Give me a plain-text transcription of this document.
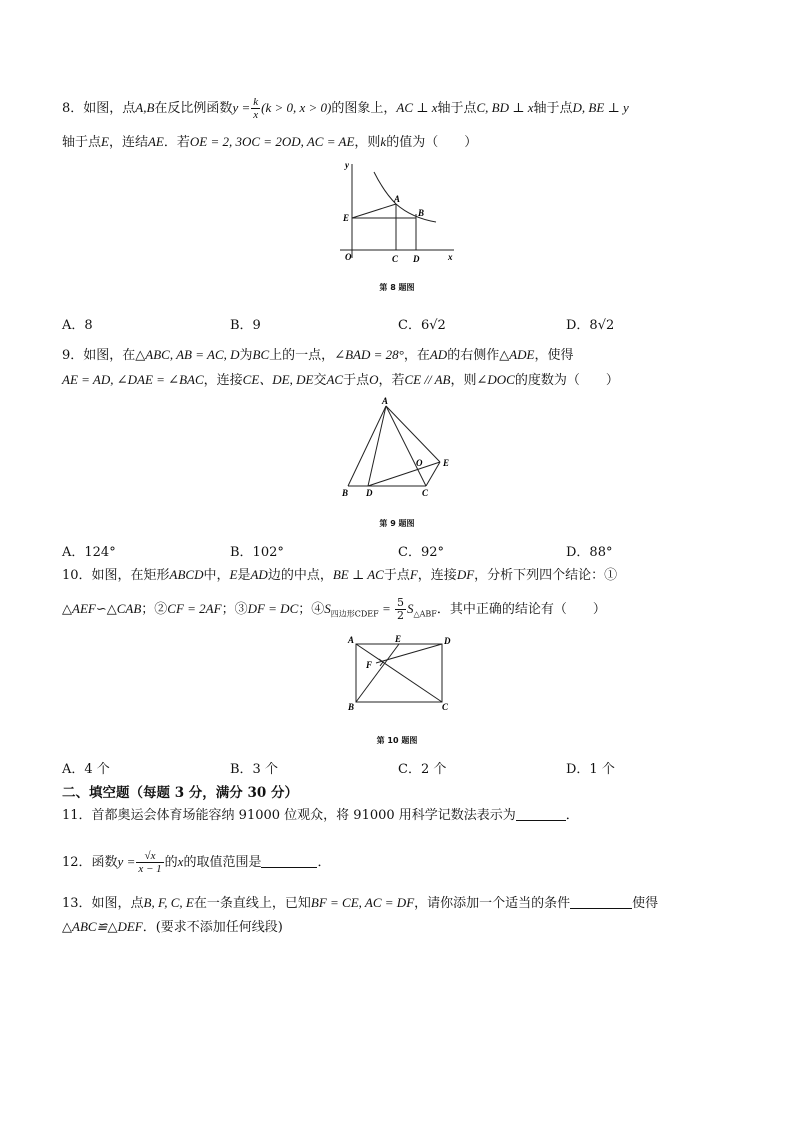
8．如图，点A,B在反比例函数$y = \frac{k}{x} (k > 0$, x > 0)的图象上，AC ⊥ x轴于点C, BD ⊥ x轴于点D, BE ⊥ y
轴于点E，连结AE．若OE = 2, 3OC = 2OD, AC = AE，则k的值为（　　）
y
x
O
E
A
B
C D
第 8 题图
A．8	B．9	C．6√2	D．8√2
9．如图，在△ABC, AB = AC, D为BC上的一点，∠BAD = 28°，在AD的右侧作△ADE，使得
AE = AD, ∠DAE = ∠BAC，连接CE、DE, DE交AC于点O，若CE // AB，则∠DOC的度数为（　　）
A
B D	C
O E
第 9 题图
A．124°	B．102°	C．92°	D．88°
10．如图，在矩形ABCD中，E是AD边的中点，BE ⊥ AC于点F，连接DF，分析下列四个结论：①
△AEF∽△CAB；②CF = 2AF；③DF = DC；$④S_{四边形CDEF} = \frac{5}{2} S_{\triangle ABF}$．其中正确的结论有（　　）
A	E	D
F
B	C
第 10 题图
A．4 个	B．3 个	C．2 个	D．1 个
二、填空题（每题 3 分，满分 30 分）
11．首都奥运会体育场能容纳 91000 位观众，将 91000 用科学记数法表示为	．
12．函数$y = \frac{√x}{x - 1}$ 的x的取值范围是	．
13．如图，点B, F, C, E在一条直线上，已知BF = CE, AC = DF，请你添加一个适当的条件	使得
△ABC≌△DEF．(要求不添加任何线段)
